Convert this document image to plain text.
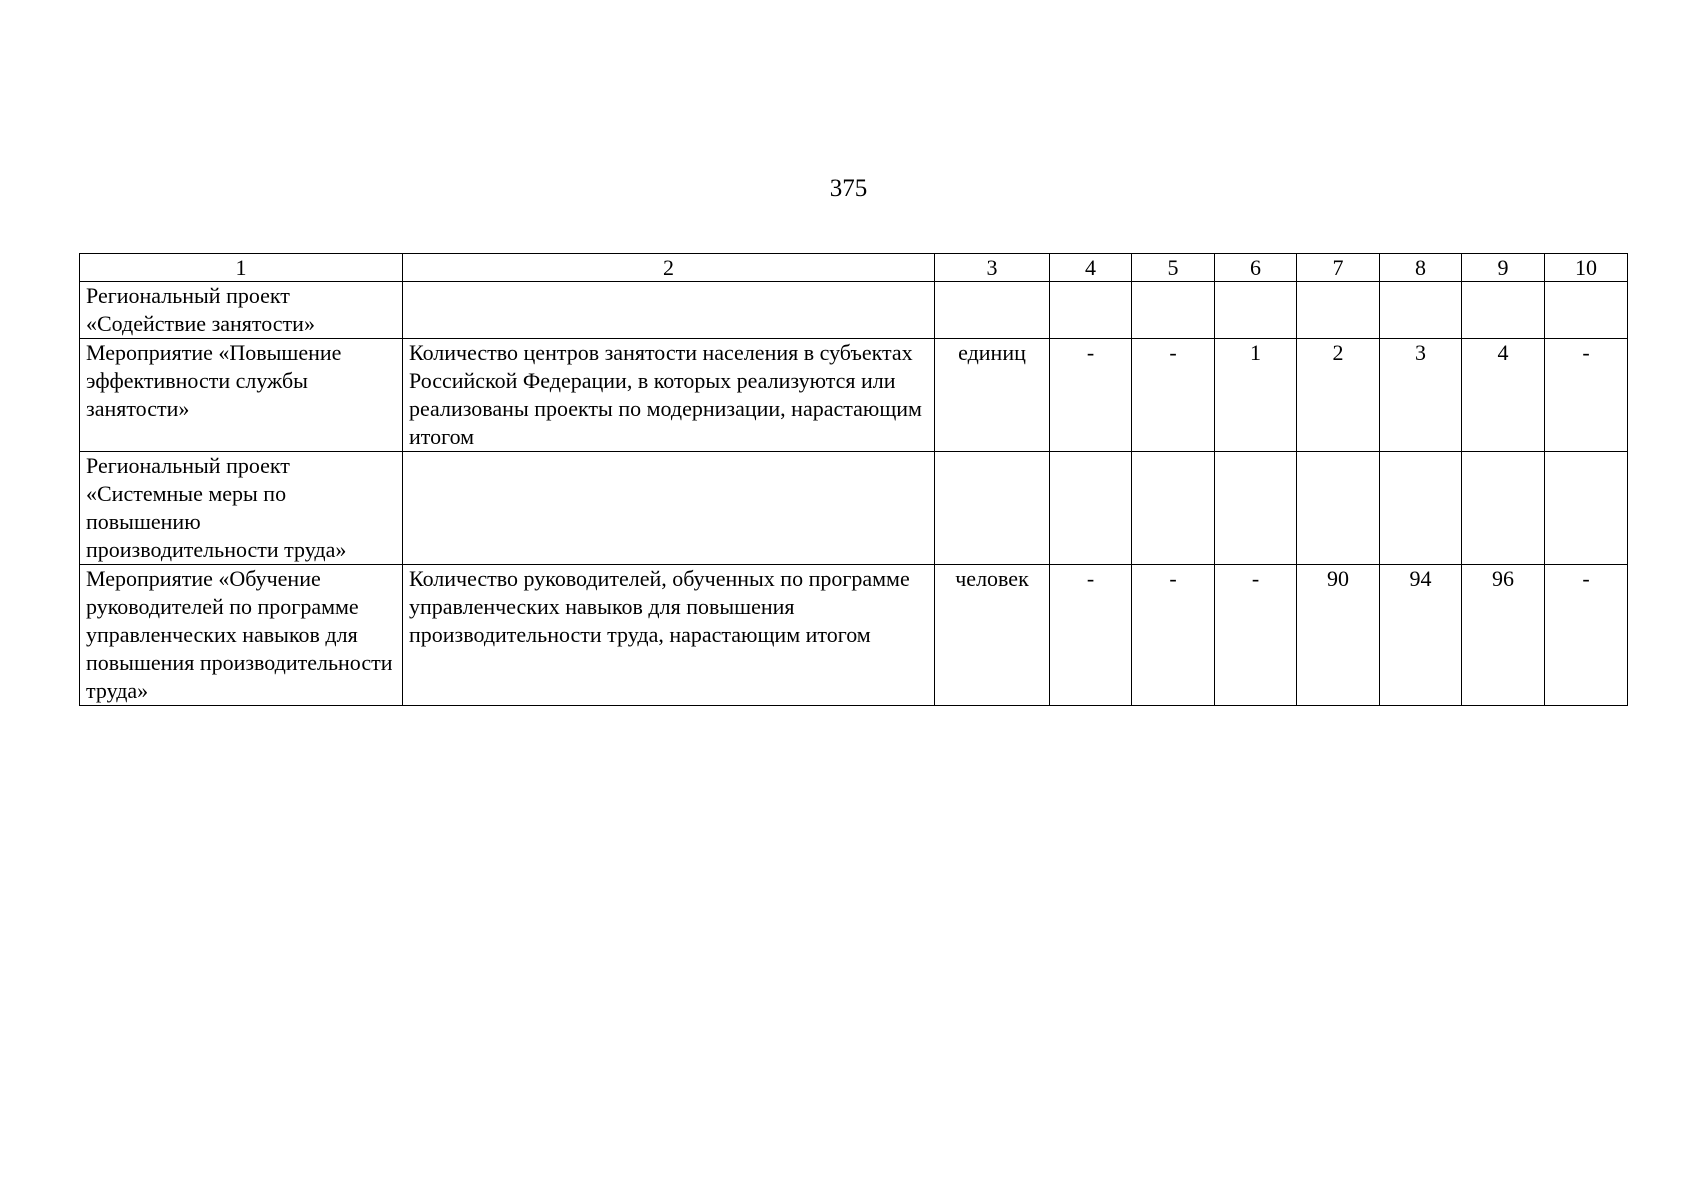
375
1	2	3	4	5	6	7	8	9	10
Региональный проект «Содействие занятости»									
Мероприятие «Повышение эффективности службы занятости»	Количество центров занятости населения в субъектах Российской Федерации, в которых реализуются или реализованы проекты по модернизации, нарастающим итогом	единиц	-	-	1	2	3	4	-
Региональный проект «Системные меры по повышению производительности труда»									
Мероприятие «Обучение руководителей по программе управленческих навыков для повышения производительности труда»	Количество руководителей, обученных по программе управленческих навыков для повышения производительности труда, нарастающим итогом	человек	-	-	-	90	94	96	-
